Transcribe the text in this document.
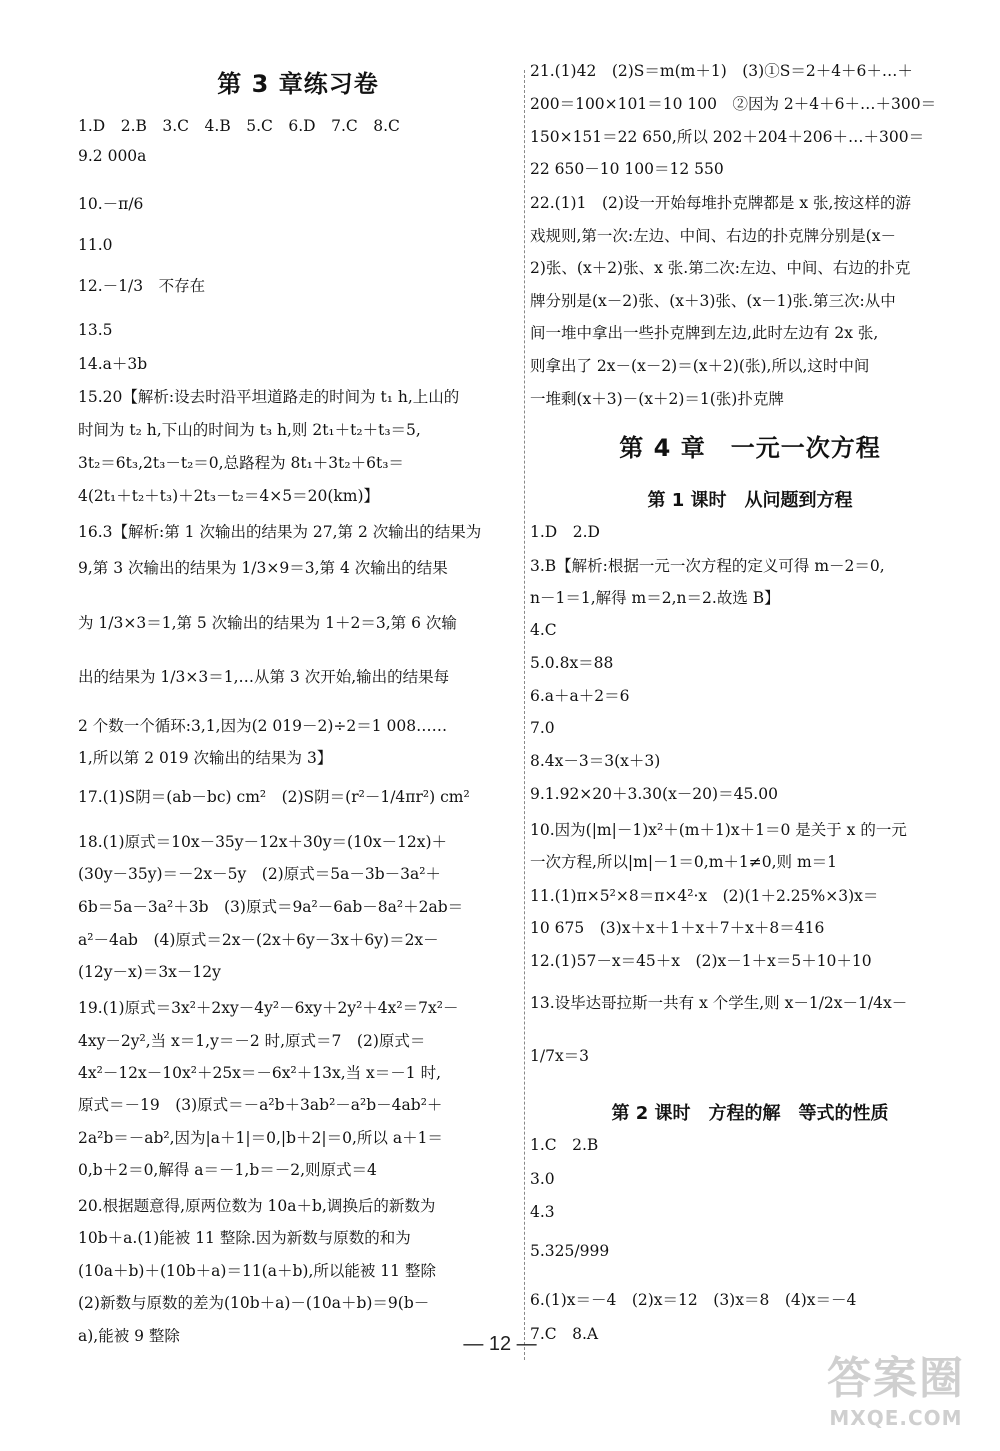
第 3 章练习卷
1.D　2.B　3.C　4.B　5.C　6.D　7.C　8.C
9.2 000a
10.－π/6
11.0
12.－1/3　不存在
13.5
14.a＋3b
15.20【解析:设去时沿平坦道路走的时间为 t₁ h,上山的
时间为 t₂ h,下山的时间为 t₃ h,则 2t₁＋t₂＋t₃＝5,
3t₂＝6t₃,2t₃－t₂＝0,总路程为 8t₁＋3t₂＋6t₃＝
4(2t₁＋t₂＋t₃)＋2t₃－t₂＝4×5＝20(km)】
16.3【解析:第 1 次输出的结果为 27,第 2 次输出的结果为
9,第 3 次输出的结果为 1/3×9＝3,第 4 次输出的结果
为 1/3×3＝1,第 5 次输出的结果为 1＋2＝3,第 6 次输
出的结果为 1/3×3＝1,…从第 3 次开始,输出的结果每
2 个数一个循环:3,1,因为(2 019－2)÷2＝1 008……
1,所以第 2 019 次输出的结果为 3】
17.(1)S阴＝(ab－bc) cm²　(2)S阴＝(r²－1/4πr²) cm²
18.(1)原式＝10x－35y－12x＋30y＝(10x－12x)＋
(30y－35y)＝－2x－5y　(2)原式＝5a－3b－3a²＋
6b＝5a－3a²＋3b　(3)原式＝9a²－6ab－8a²＋2ab＝
a²－4ab　(4)原式＝2x－(2x＋6y－3x＋6y)＝2x－
(12y－x)＝3x－12y
19.(1)原式＝3x²＋2xy－4y²－6xy＋2y²＋4x²＝7x²－
4xy－2y²,当 x＝1,y＝－2 时,原式＝7　(2)原式＝
4x²－12x－10x²＋25x＝－6x²＋13x,当 x＝－1 时,
原式＝－19　(3)原式＝－a²b＋3ab²－a²b－4ab²＋
2a²b＝－ab²,因为|a＋1|＝0,|b＋2|＝0,所以 a＋1＝
0,b＋2＝0,解得 a＝－1,b＝－2,则原式＝4
20.根据题意得,原两位数为 10a＋b,调换后的新数为
10b＋a.(1)能被 11 整除.因为新数与原数的和为
(10a＋b)＋(10b＋a)＝11(a＋b),所以能被 11 整除
(2)新数与原数的差为(10b＋a)－(10a＋b)＝9(b－
a),能被 9 整除
21.(1)42　(2)S＝m(m＋1)　(3)①S＝2＋4＋6＋…＋
200＝100×101＝10 100　②因为 2＋4＋6＋…＋300＝
150×151＝22 650,所以 202＋204＋206＋…＋300＝
22 650－10 100＝12 550
22.(1)1　(2)设一开始每堆扑克牌都是 x 张,按这样的游
戏规则,第一次:左边、中间、右边的扑克牌分别是(x－
2)张、(x＋2)张、x 张.第二次:左边、中间、右边的扑克
牌分别是(x－2)张、(x＋3)张、(x－1)张.第三次:从中
间一堆中拿出一些扑克牌到左边,此时左边有 2x 张,
则拿出了 2x－(x－2)＝(x＋2)(张),所以,这时中间
一堆剩(x＋3)－(x＋2)＝1(张)扑克牌
第 4 章　一元一次方程
第 1 课时　从问题到方程
1.D　2.D
3.B【解析:根据一元一次方程的定义可得 m－2＝0,
n－1＝1,解得 m＝2,n＝2.故选 B】
4.C
5.0.8x＝88
6.a＋a＋2＝6
7.0
8.4x－3＝3(x＋3)
9.1.92×20＋3.30(x－20)＝45.00
10.因为(|m|－1)x²＋(m＋1)x＋1＝0 是关于 x 的一元
一次方程,所以|m|－1＝0,m＋1≠0,则 m＝1
11.(1)π×5²×8＝π×4²·x　(2)(1＋2.25%×3)x＝
10 675　(3)x＋x＋1＋x＋7＋x＋8＝416
12.(1)57－x＝45＋x　(2)x－1＋x＝5＋10＋10
13.设毕达哥拉斯一共有 x 个学生,则 x－1/2x－1/4x－
1/7x＝3
第 2 课时　方程的解　等式的性质
1.C　2.B
3.0
4.3
5.325/999
6.(1)x＝－4　(2)x＝12　(3)x＝8　(4)x＝－4
7.C　8.A
— 12 —
答案圈
MXQE.COM
